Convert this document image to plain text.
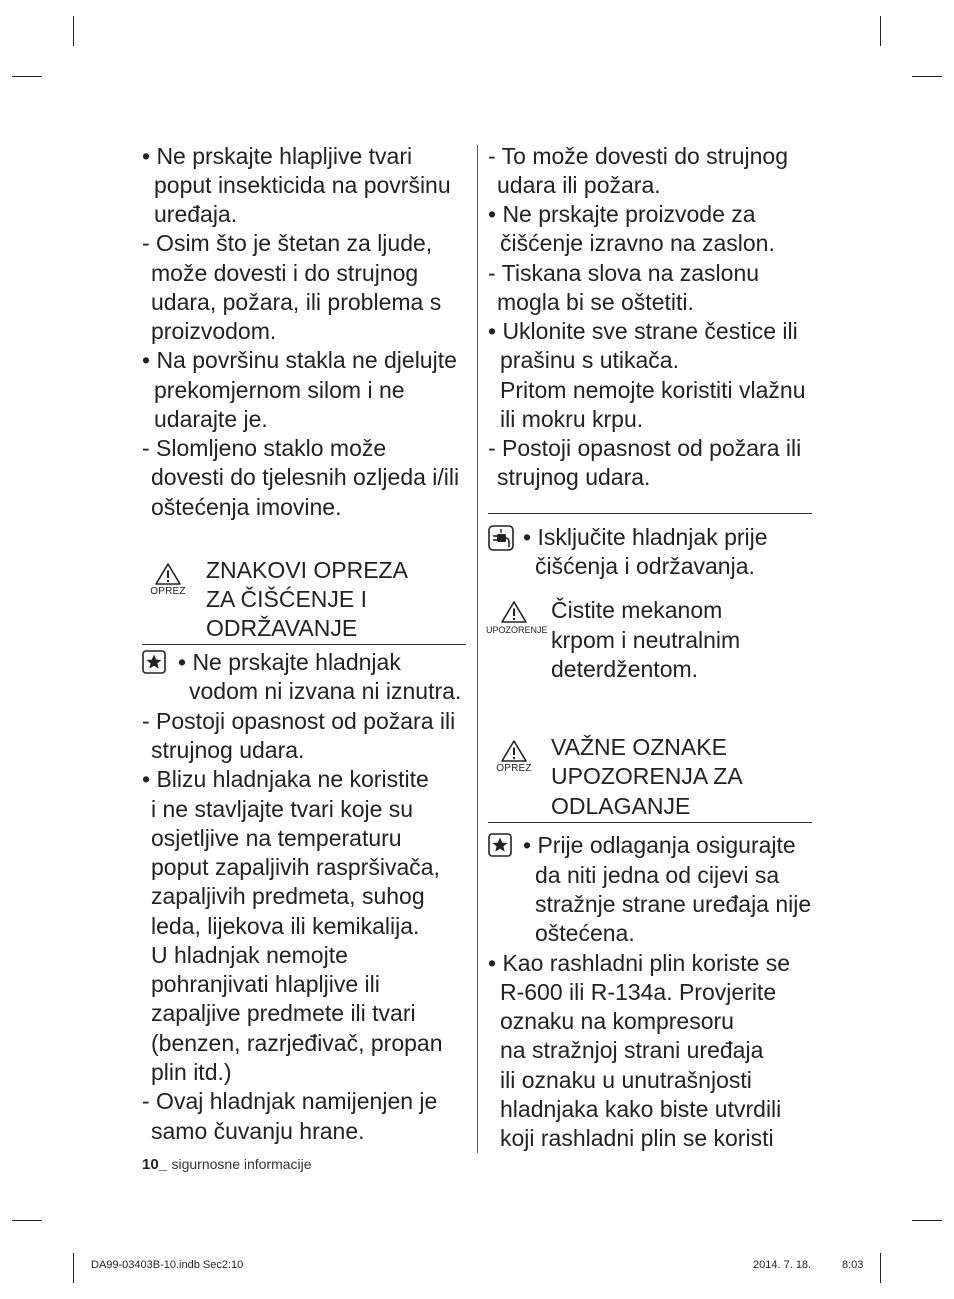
• Ne prskajte hlapljive tvari
poput insekticida na površinu
uređaja.
- Osim što je štetan za ljude,
može dovesti i do strujnog
udara, požara, ili problema s
proizvodom.
• Na površinu stakla ne djelujte
prekomjernom silom i ne
udarajte je.
- Slomljeno staklo može
dovesti do tjelesnih ozljeda i/ili
oštećenja imovine.
OPREZ
ZNAKOVI OPREZA
ZA ČIŠĆENJE I
ODRŽAVANJE
• Ne prskajte hladnjak
vodom ni izvana ni iznutra.
- Postoji opasnost od požara ili
strujnog udara.
• Blizu hladnjaka ne koristite
i ne stavljajte tvari koje su
osjetljive na temperaturu
poput zapaljivih raspršivača,
zapaljivih predmeta, suhog
leda, lijekova ili kemikalija.
U hladnjak nemojte
pohranjivati hlapljive ili
zapaljive predmete ili tvari
(benzen, razrjeđivač, propan
plin itd.)
- Ovaj hladnjak namijenjen je
samo čuvanju hrane.
- To može dovesti do strujnog
udara ili požara.
• Ne prskajte proizvode za
čišćenje izravno na zaslon.
- Tiskana slova na zaslonu
mogla bi se oštetiti.
• Uklonite sve strane čestice ili
prašinu s utikača.
Pritom nemojte koristiti vlažnu
ili mokru krpu.
- Postoji opasnost od požara ili
strujnog udara.
• Isključite hladnjak prije
čišćenja i održavanja.
UPOZORENJE
Čistite mekanom
krpom i neutralnim
deterdžentom.
OPREZ
VAŽNE OZNAKE
UPOZORENJA ZA
ODLAGANJE
• Prije odlaganja osigurajte
da niti jedna od cijevi sa
stražnje strane uređaja nije
oštećena.
• Kao rashladni plin koriste se
R-600 ili R-134a. Provjerite
oznaku na kompresoru
na stražnjoj strani uređaja
ili oznaku u unutrašnjosti
hladnjaka kako biste utvrdili
koji rashladni plin se koristi
10_ sigurnosne informacije
DA99-03403B-10.indb Sec2:10	2014. 7. 18.	8:03
